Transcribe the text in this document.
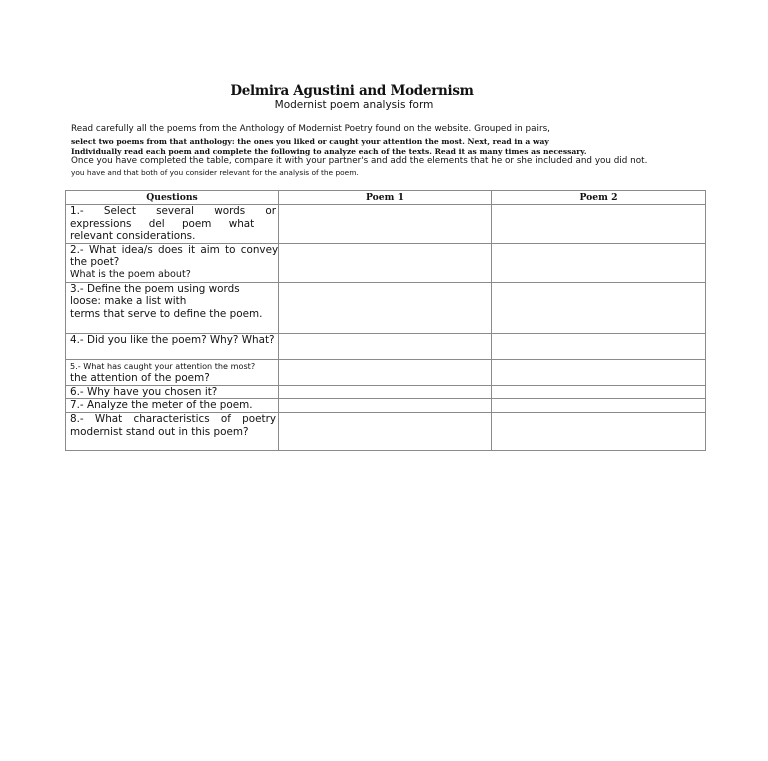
Delmira Agustini and Modernism
Modernist poem analysis form
Read carefully all the poems from the Anthology of Modernist Poetry found on the website. Grouped in pairs,
select two poems from that anthology: the ones you liked or caught your attention the most. Next, read in a way
Individually read each poem and complete the following to analyze each of the texts. Read it as many times as necessary.
Once you have completed the table, compare it with your partner's and add the elements that he or she included and you did not.
you have and that both of you consider relevant for the analysis of the poem.
Questions	Poem 1	Poem 2

1.- Select several words or expressions del poem what
relevant considerations.		

2.- What idea/s does it aim to convey
the poet?
What is the poem about?		

3.- Define the poem using words
loose: make a list with
terms that serve to define the poem.		

4.- Did you like the poem? Why? What?		

5.- What has caught your attention the most?
the attention of the poem?		

6.- Why have you chosen it?		

7.- Analyze the meter of the poem.		

8.- What characteristics of poetry modernist stand out in this poem?		
